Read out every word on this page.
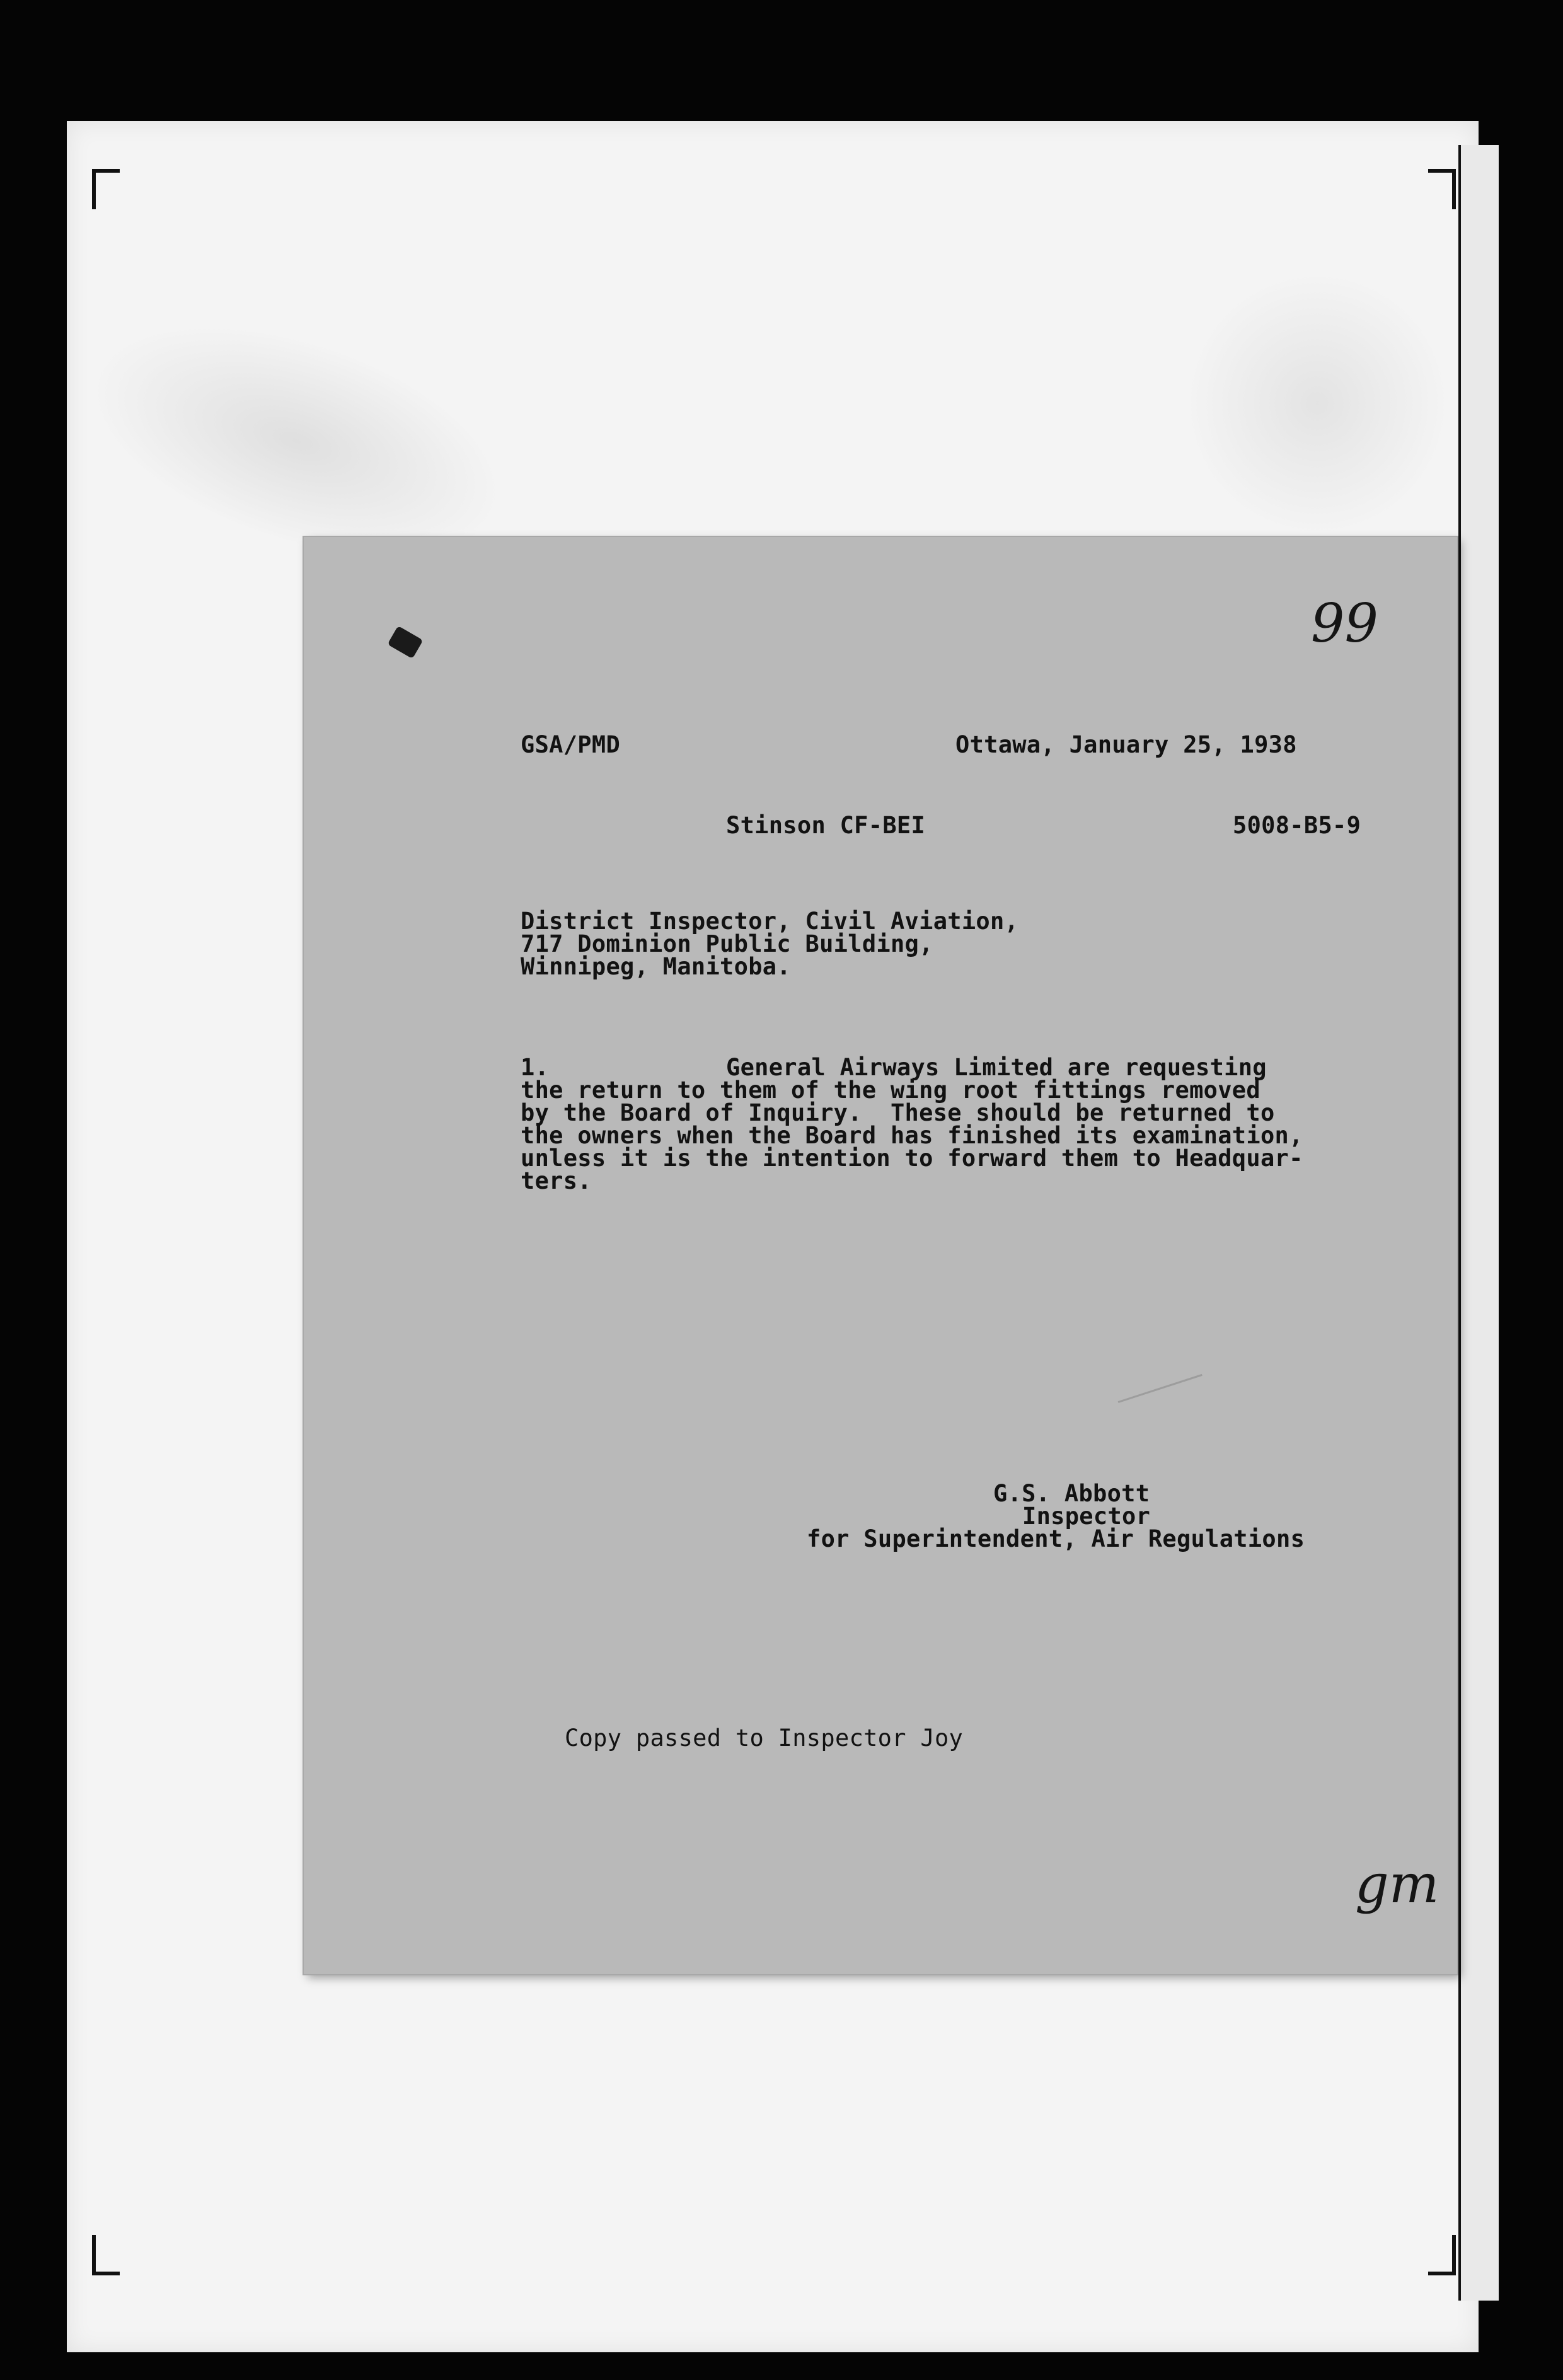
99
GSA/PMD	Ottawa, January 25, 1938
Stinson CF-BEI	5008-B5-9
District Inspector, Civil Aviation,
717 Dominion Public Building,
Winnipeg, Manitoba.
1.	General Airways Limited are requesting
the return to them of the wing root fittings removed
by the Board of Inquiry.  These should be returned to
the owners when the Board has finished its examination,
unless it is the intention to forward them to Headquar-
ters.
G.S. Abbott
Inspector
for Superintendent, Air Regulations
Copy passed to Inspector Joy
gm
